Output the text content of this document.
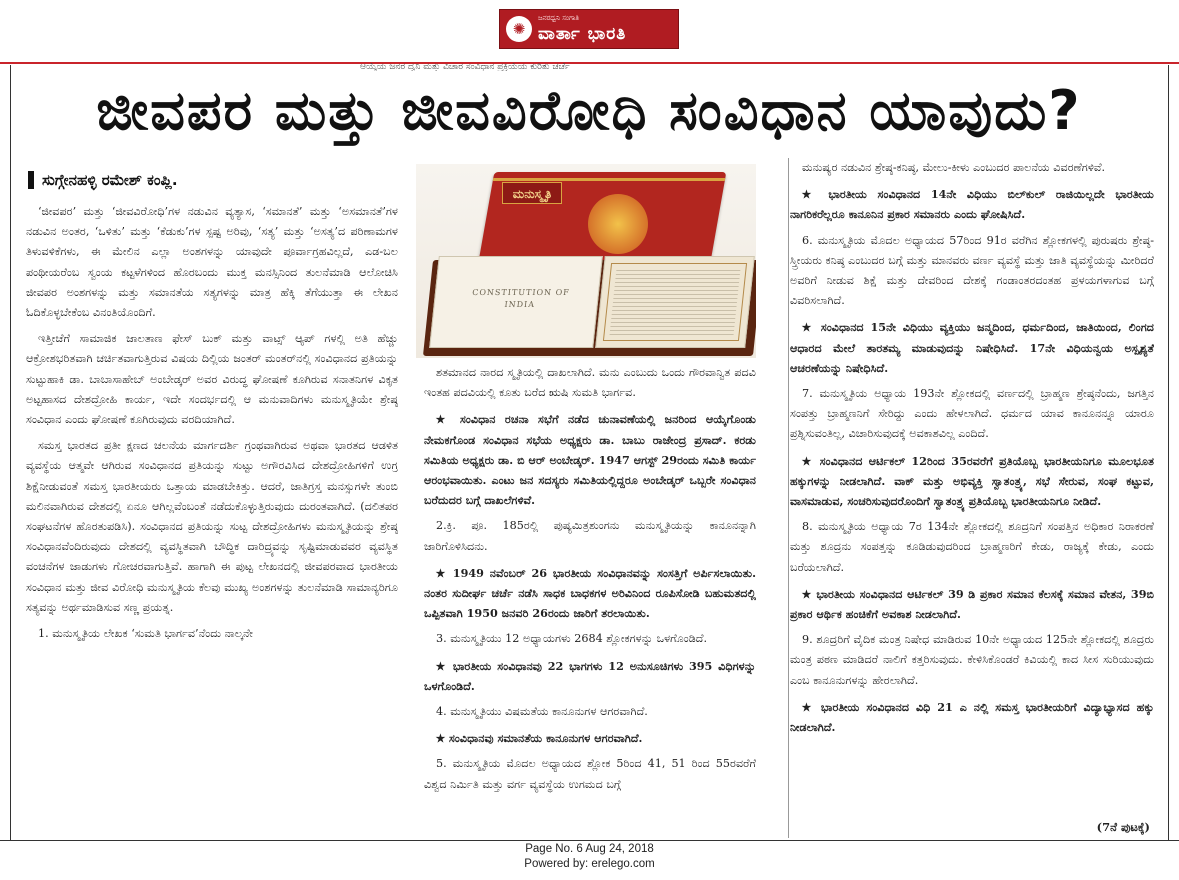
✺
ಜನರಧ್ವನಿ ಸಂಗಾತಿ
ವಾರ್ತಾ ಭಾರತಿ
ಆಯ್ಕೆಯ ಜನರ ದ್ವನಿ ಮತ್ತು ವಿಚಾರ ಸಂವಿಧಾನ ಪ್ರಕ್ರಿಯೆಯ ಕುರಿತು ಚರ್ಚೆ
ಜೀವಪರ ಮತ್ತು ಜೀವವಿರೋಧಿ ಸಂವಿಧಾನ ಯಾವುದು?
ಸುಗ್ಗೇನಹಳ್ಳಿ ರಮೇಶ್ ಕಂಪ್ಲಿ.

‘ಜೀವಪರ’ ಮತ್ತು ‘ಜೀವವಿರೋಧಿ’ಗಳ ನಡುವಿನ ವ್ಯತ್ಯಾಸ, ‘ಸಮಾನತೆ’ ಮತ್ತು ‘ಅಸಮಾನತೆ’ಗಳ ನಡುವಿನ ಅಂತರ, ‘ಒಳಿತು’ ಮತ್ತು ‘ಕೆಡುಕು’ಗಳ ಸ್ಪಷ್ಟ ಅರಿವು, ‘ಸತ್ಯ’ ಮತ್ತು ‘ಅಸತ್ಯ’ದ ಪರಿಣಾಮಗಳ ತಿಳುವಳಿಕೆಗಳು, ಈ ಮೇಲಿನ ಎಲ್ಲಾ ಅಂಶಗಳನ್ನು ಯಾವುದೇ ಪೂರ್ವಾಗ್ರಹವಿಲ್ಲದೆ, ಎಡ-ಬಲ ಪಂಥೀಯರೆಂಬ ಸ್ವಂಯ ಕಟ್ಟಳೆಗಳಿಂದ ಹೊರಬಂದು ಮುಕ್ತ ಮನಸ್ಸಿನಿಂದ ತುಲನೆಮಾಡಿ ಆಲೋಚಿಸಿ ಜೀವಪರ ಅಂಶಗಳನ್ನು ಮತ್ತು ಸಮಾನತೆಯ ಸತ್ಯಗಳನ್ನು ಮಾತ್ರ ಹೆಕ್ಕಿ ತೆಗೆಯುತ್ತಾ ಈ ಲೇಖನ ಓದಿಕೊಳ್ಳಬೇಕೆಂಬ ವಿನಂತಿಯೊಂದಿಗೆ.

ಇತ್ತೀಚೆಗೆ ಸಾಮಾಜಿಕ ಜಾಲತಾಣ ಫೇಸ್ ಬುಕ್ ಮತ್ತು ವಾಟ್ಸ್ ಆ್ಯಪ್ ಗಳಲ್ಲಿ ಅತಿ ಹೆಚ್ಚು ಆಕ್ರೋಶಭರಿತವಾಗಿ ಚರ್ಚಿತವಾಗುತ್ತಿರುವ ವಿಷಯ ದಿಲ್ಲಿಯ ಜಂತರ್ ಮಂತರ್‌ನಲ್ಲಿ ಸಂವಿಧಾನದ ಪ್ರತಿಯನ್ನು ಸುಟ್ಟುಹಾಕಿ ಡಾ. ಬಾಬಾಸಾಹೇಬ್ ಅಂಬೇಡ್ಕರ್ ಅವರ ವಿರುದ್ಧ ಘೋಷಣೆ ಕೂಗಿರುವ ಸನಾತನಿಗಳ ವಿಕೃತ ಅಟ್ಟಹಾಸದ ದೇಶದ್ರೋಹಿ ಕಾರ್ಯ, ಇದೇ ಸಂದರ್ಭದಲ್ಲಿ ಆ ಮನುವಾದಿಗಳು ಮನುಸ್ಮೃತಿಯೇ ಶ್ರೇಷ್ಠ ಸಂವಿಧಾನ ಎಂದು ಘೋಷಣೆ ಕೂಗಿರುವುದು ವರದಿಯಾಗಿದೆ.

ಸಮಸ್ತ ಭಾರತದ ಪ್ರತೀ ಕ್ಷಣದ ಚಲನೆಯ ಮಾರ್ಗದರ್ಶಿ ಗ್ರಂಥವಾಗಿರುವ ಅಥವಾ ಭಾರತದ ಆಡಳಿತ ವ್ಯವಸ್ಥೆಯ ಆತ್ಮವೇ ಆಗಿರುವ ಸಂವಿಧಾನದ ಪ್ರತಿಯನ್ನು ಸುಟ್ಟು ಅಗೌರವಿಸಿದ ದೇಶದ್ರೋಹಿಗಳಿಗೆ ಉಗ್ರ ಶಿಕ್ಷೆನೀಡುವಂತೆ ಸಮಸ್ತ ಭಾರತೀಯರು ಒತ್ತಾಯ ಮಾಡಬೇಕಿತ್ತು. ಆದರೆ, ಜಾತಿಗ್ರಸ್ತ ಮನಸ್ಸುಗಳೇ ತುಂಬಿ ಮಲಿನವಾಗಿರುವ ದೇಶದಲ್ಲಿ ಏನೂ ಆಗಿಲ್ಲವೆಂಬಂತೆ ನಡೆದುಕೊಳ್ಳುತ್ತಿರುವುದು ದುರಂತವಾಗಿದೆ. (ದಲಿತಪರ ಸಂಘಟನೆಗಳ ಹೊರತುಪಡಿಸಿ). ಸಂವಿಧಾನದ ಪ್ರತಿಯನ್ನು ಸುಟ್ಟ ದೇಶದ್ರೋಹಿಗಳು ಮನುಸ್ಮೃತಿಯನ್ನು ಶ್ರೇಷ್ಠ ಸಂವಿಧಾನವೆಂದಿರುವುದು ದೇಶದಲ್ಲಿ ವ್ಯವಸ್ಥಿತವಾಗಿ ಬೌದ್ಧಿಕ ದಾರಿದ್ರ್ಯವನ್ನು ಸೃಷ್ಟಿಮಾಡುವವರ ವ್ಯವಸ್ಥಿತ ವಂಚನೆಗಳ ಜಾಡುಗಳು ಗೋಚರವಾಗುತ್ತಿವೆ. ಹಾಗಾಗಿ ಈ ಪುಟ್ಟ ಲೇಖನದಲ್ಲಿ ಜೀವಪರವಾದ ಭಾರತೀಯ ಸಂವಿಧಾನ ಮತ್ತು ಜೀವ ವಿರೋಧಿ ಮನುಸ್ಮೃತಿಯ ಕೆಲವು ಮುಖ್ಯ ಅಂಶಗಳನ್ನು ತುಲನೆಮಾಡಿ ಸಾಮಾನ್ಯರಿಗೂ ಸತ್ಯವನ್ನು ಅರ್ಥಮಾಡಿಸುವ ಸಣ್ಣ ಪ್ರಯತ್ನ.

1. ಮನುಸ್ಮೃತಿಯ ಲೇಖಕ ‘ಸುಮತಿ ಭಾರ್ಗವ’ನೆಂದು ನಾಲ್ಕನೇ

ಮನುಸ್ಮೃತಿ
CONSTITUTION OF INDIA

ಶತಮಾನದ ನಾರದ ಸ್ಮೃತಿಯಲ್ಲಿ ದಾಖಲಾಗಿದೆ. ಮನು ಎಂಬುದು ಒಂದು ಗೌರವಾನ್ವಿತ ಪದವಿ ಇಂತಹ ಪದವಿಯಲ್ಲಿ ಕೂತು ಬರೆದ ಋಷಿ ಸುಮತಿ ಭಾರ್ಗವ.

★ ಸಂವಿಧಾನ ರಚನಾ ಸಭೆಗೆ ನಡೆದ ಚುನಾವಣೆಯಲ್ಲಿ ಜನರಿಂದ ಆಯ್ಕೆಗೊಂಡು ನೇಮಕಗೊಂಡ ಸಂವಿಧಾನ ಸಭೆಯ ಅಧ್ಯಕ್ಷರು ಡಾ. ಬಾಬು ರಾಜೇಂದ್ರ ಪ್ರಸಾದ್. ಕರಡು ಸಮಿತಿಯ ಅಧ್ಯಕ್ಷರು ಡಾ. ಬಿ ಆರ್ ಅಂಬೇಡ್ಕರ್. 1947 ಆಗಸ್ಟ್ 29ರಂದು ಸಮಿತಿ ಕಾರ್ಯ ಆರಂಭವಾಯಿತು. ಎಂಟು ಜನ ಸದಸ್ಯರು ಸಮಿತಿಯಲ್ಲಿದ್ದರೂ ಅಂಬೇಡ್ಕರ್ ಒಬ್ಬರೇ ಸಂವಿಧಾನ ಬರೆದುದರ ಬಗ್ಗೆ ದಾಖಲೆಗಳಿವೆ.

2.ಕ್ರಿ. ಪೂ. 185ರಲ್ಲಿ ಪುಷ್ಯಮಿತ್ರಶುಂಗನು ಮನುಸ್ಮೃತಿಯನ್ನು ಕಾನೂನನ್ನಾಗಿ ಜಾರಿಗೊಳಿಸಿದನು.

★ 1949 ನವೆಂಬರ್ 26 ಭಾರತೀಯ ಸಂವಿಧಾನವನ್ನು ಸಂಸತ್ತಿಗೆ ಅರ್ಪಿಸಲಾಯಿತು. ನಂತರ ಸುದೀರ್ಘ ಚರ್ಚೆ ನಡೆಸಿ ಸಾಧಕ ಬಾಧಕಗಳ ಅರಿವಿನಿಂದ ರೂಪಿಸೋಡಿ ಬಹುಮತದಲ್ಲಿ ಒಪ್ಪಿತವಾಗಿ 1950 ಜನವರಿ 26ರಂದು ಜಾರಿಗೆ ತರಲಾಯಿತು.

3. ಮನುಸ್ಮೃತಿಯು 12 ಅಧ್ಯಾಯಗಳು 2684 ಶ್ಲೋಕಗಳನ್ನು ಒಳಗೊಂಡಿದೆ.

★ ಭಾರತೀಯ ಸಂವಿಧಾನವು 22 ಭಾಗಗಳು 12 ಅನುಸೂಚಿಗಳು 395 ವಿಧಿಗಳನ್ನು ಒಳಗೊಂಡಿದೆ.

4. ಮನುಸ್ಮೃತಿಯು ವಿಷಮತೆಯ ಕಾನೂನುಗಳ ಆಗರವಾಗಿದೆ.

★ ಸಂವಿಧಾನವು ಸಮಾನತೆಯ ಕಾನೂನುಗಳ ಆಗರವಾಗಿದೆ.

5. ಮನುಸ್ಮೃತಿಯ ಮೊದಲ ಅಧ್ಯಾಯದ ಶ್ಲೋಕ 5ರಿಂದ 41, 51 ರಿಂದ 55ರವರೆಗೆ ವಿಶ್ವದ ನಿರ್ಮಿತಿ ಮತ್ತು ವರ್ಗ ವ್ಯವಸ್ಥೆಯ ಉಗಮದ ಬಗ್ಗೆ

ಮನುಷ್ಯರ ನಡುವಿನ ಶ್ರೇಷ್ಠ-ಕನಿಷ್ಠ, ಮೇಲು-ಕೀಳು ಎಂಬುದರ ಪಾಲನೆಯ ವಿವರಣೆಗಳಿವೆ.

★ ಭಾರತೀಯ ಸಂವಿಧಾನದ 14ನೇ ವಿಧಿಯು ಬಿಲ್‌ಕುಲ್ ರಾಜಿಯಿಲ್ಲದೇ ಭಾರತೀಯ ನಾಗರಿಕರೆಲ್ಲರೂ ಕಾನೂನಿನ ಪ್ರಕಾರ ಸಮಾನರು ಎಂದು ಘೋಷಿಸಿದೆ.

6. ಮನುಸ್ಮೃತಿಯ ಮೊದಲ ಅಧ್ಯಾಯದ 57ರಿಂದ 91ರ ವರೆಗಿನ ಶ್ಲೋಕಗಳಲ್ಲಿ ಪುರುಷರು ಶ್ರೇಷ್ಠ-ಸ್ತ್ರೀಯರು ಕನಿಷ್ಠ ಎಂಬುದರ ಬಗ್ಗೆ ಮತ್ತು ಮಾನವರು ವರ್ಣ ವ್ಯವಸ್ಥೆ ಮತ್ತು ಜಾತಿ ವ್ಯವಸ್ಥೆಯನ್ನು ಮೀರಿದರೆ ಅವರಿಗೆ ನೀಡುವ ಶಿಕ್ಷೆ ಮತ್ತು ದೇವರಿಂದ ದೇಶಕ್ಕೆ ಗಂಡಾಂತರದಂತಹ ಪ್ರಳಯಗಳಾಗುವ ಬಗ್ಗೆ ವಿವರಿಸಲಾಗಿದೆ.

★ ಸಂವಿಧಾನದ 15ನೇ ವಿಧಿಯು ವ್ಯಕ್ತಿಯು ಜನ್ಮದಿಂದ, ಧರ್ಮದಿಂದ, ಜಾತಿಯಿಂದ, ಲಿಂಗದ ಆಧಾರದ ಮೇಲೆ ತಾರತಮ್ಯ ಮಾಡುವುದನ್ನು ನಿಷೇಧಿಸಿದೆ. 17ನೇ ವಿಧಿಯನ್ವಯ ಅಸ್ಪೃಶ್ಯತೆ ಆಚರಣೆಯನ್ನು ನಿಷೇಧಿಸಿದೆ.

7. ಮನುಸ್ಮೃತಿಯ ಅಧ್ಯಾಯ 193ನೇ ಶ್ಲೋಕದಲ್ಲಿ ವರ್ಣದಲ್ಲಿ ಬ್ರಾಹ್ಮಣ ಶ್ರೇಷ್ಠನೆಂದು, ಜಗತ್ತಿನ ಸಂಪತ್ತು ಬ್ರಾಹ್ಮಣನಿಗೆ ಸೇರಿದ್ದು ಎಂದು ಹೇಳಲಾಗಿದೆ. ಧರ್ಮದ ಯಾವ ಕಾನೂನನ್ನೂ ಯಾರೂ ಪ್ರಶ್ನಿಸುವಂತಿಲ್ಲ, ವಿಚಾರಿಸುವುದಕ್ಕೆ ಅವಕಾಶವಿಲ್ಲ ಎಂದಿದೆ.

★ ಸಂವಿಧಾನದ ಆರ್ಟಿಕಲ್ 12ರಿಂದ 35ರವರೆಗೆ ಪ್ರತಿಯೊಬ್ಬ ಭಾರತೀಯನಿಗೂ ಮೂಲಭೂತ ಹಕ್ಕುಗಳನ್ನು ನೀಡಲಾಗಿದೆ. ವಾಕ್ ಮತ್ತು ಅಭಿವ್ಯಕ್ತಿ ಸ್ವಾತಂತ್ರ್ಯ, ಸಭೆ ಸೇರುವ, ಸಂಘ ಕಟ್ಟುವ, ವಾಸಮಾಡುವ, ಸಂಚರಿಸುವುದರೊಂದಿಗೆ ಸ್ವಾತಂತ್ರ್ಯ ಪ್ರತಿಯೊಬ್ಬ ಭಾರತೀಯನಿಗೂ ನೀಡಿದೆ.

8. ಮನುಸ್ಮೃತಿಯ ಅಧ್ಯಾಯ 7ರ 134ನೇ ಶ್ಲೋಕದಲ್ಲಿ ಶೂದ್ರನಿಗೆ ಸಂಪತ್ತಿನ ಅಧಿಕಾರ ನಿರಾಕರಣೆ ಮತ್ತು ಶೂದ್ರನು ಸಂಪತ್ತನ್ನು ಕೂಡಿಡುವುದರಿಂದ ಬ್ರಾಹ್ಮಣರಿಗೆ ಕೇಡು, ರಾಜ್ಯಕ್ಕೆ ಕೇಡು, ಎಂದು ಬರೆಯಲಾಗಿದೆ.

★ ಭಾರತೀಯ ಸಂವಿಧಾನದ ಆರ್ಟಿಕಲ್ 39 ಡಿ ಪ್ರಕಾರ ಸಮಾನ ಕೆಲಸಕ್ಕೆ ಸಮಾನ ವೇತನ, 39ಬಿ ಪ್ರಕಾರ ಆರ್ಥಿಕ ಹಂಚಿಕೆಗೆ ಅವಕಾಶ ನೀಡಲಾಗಿದೆ.

9. ಶೂದ್ರರಿಗೆ ವೈದಿಕ ಮಂತ್ರ ನಿಷೇಧ ಮಾಡಿರುವ 10ನೇ ಅಧ್ಯಾಯದ 125ನೇ ಶ್ಲೋಕದಲ್ಲಿ ಶೂದ್ರರು ಮಂತ್ರ ಪಠಣ ಮಾಡಿದರೆ ನಾಲಿಗೆ ಕತ್ತರಿಸುವುದು. ಕೇಳಿಸಿಕೊಂಡರೆ ಕಿವಿಯಲ್ಲಿ ಕಾದ ಸೀಸ ಸುರಿಯುವುದು ಎಂಬ ಕಾನೂನುಗಳನ್ನು ಹೇರಲಾಗಿದೆ.

★ ಭಾರತೀಯ ಸಂವಿಧಾನದ ವಿಧಿ 21 ಎ ನಲ್ಲಿ ಸಮಸ್ತ ಭಾರತೀಯರಿಗೆ ವಿದ್ಯಾಭ್ಯಾಸದ ಹಕ್ಕು ನೀಡಲಾಗಿದೆ.

(7ನೆ ಪುಟಕ್ಕೆ)
Page No. 6 Aug 24, 2018
Powered by: erelego.com
